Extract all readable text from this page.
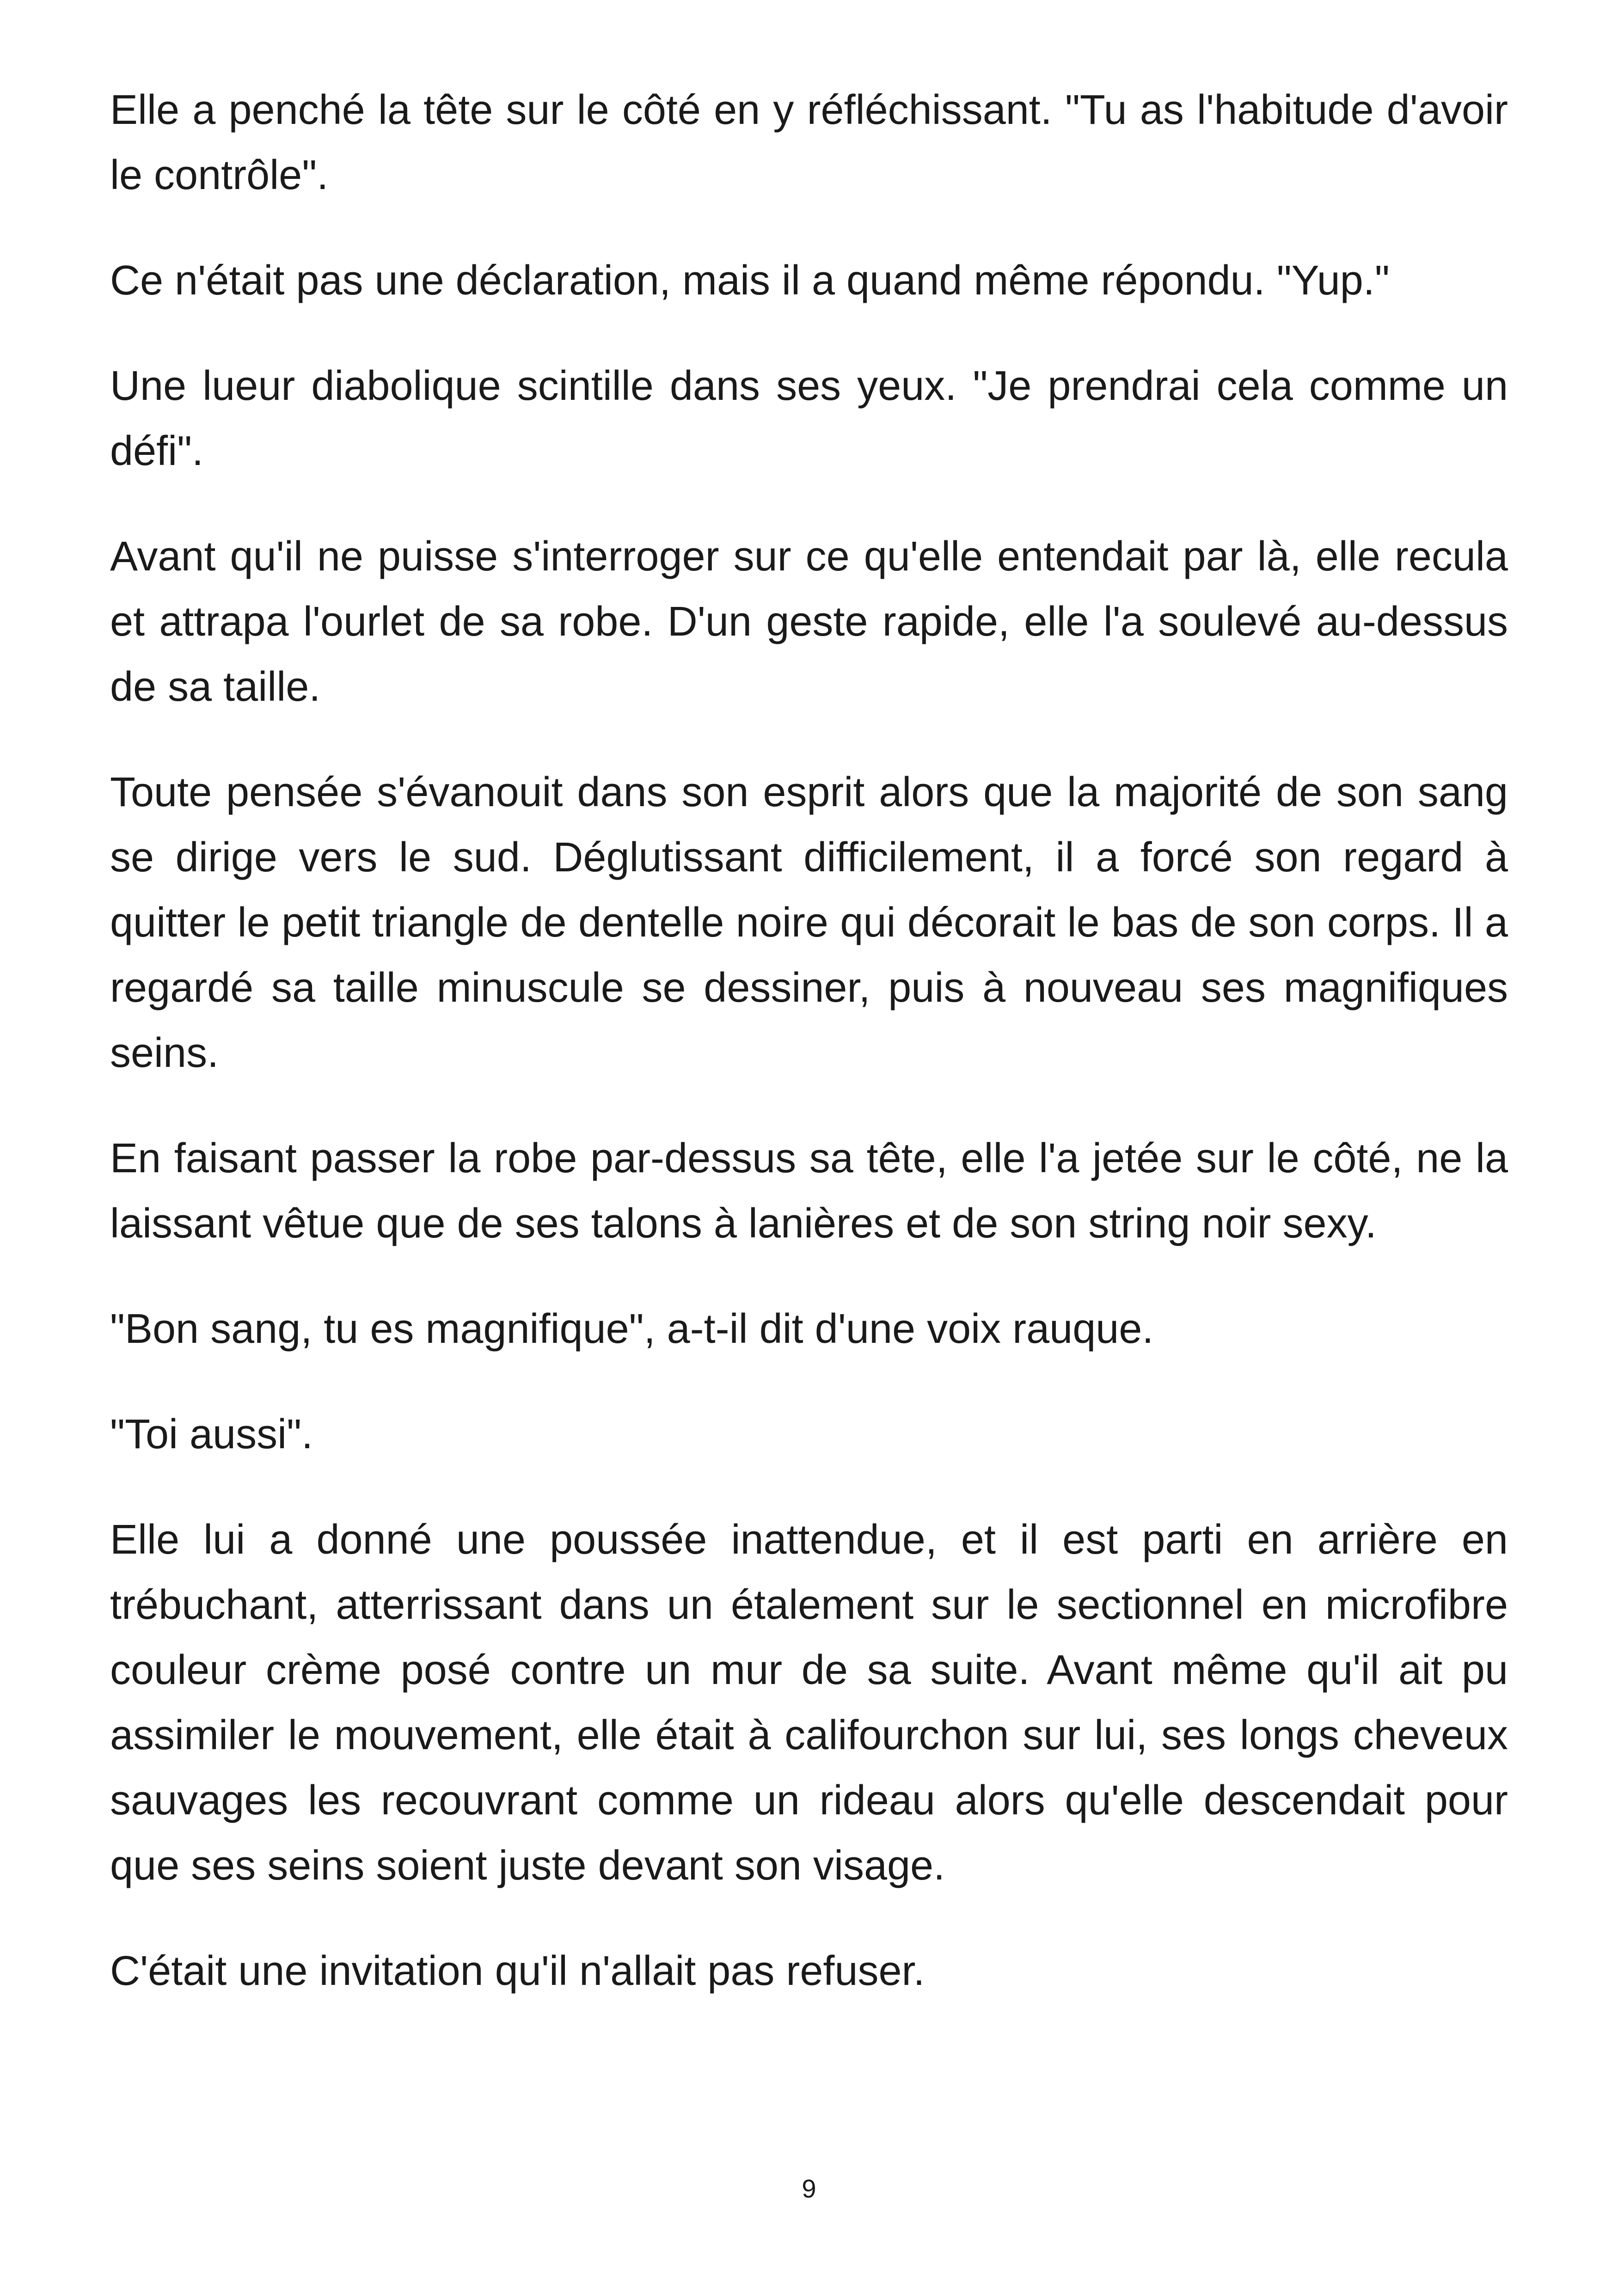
Elle a penché la tête sur le côté en y réfléchissant. "Tu as l'habitude d'avoir le contrôle".

Ce n'était pas une déclaration, mais il a quand même répondu. "Yup."

Une lueur diabolique scintille dans ses yeux. "Je prendrai cela comme un défi".

Avant qu'il ne puisse s'interroger sur ce qu'elle entendait par là, elle recula et attrapa l'ourlet de sa robe. D'un geste rapide, elle l'a soulevé au-dessus de sa taille.

Toute pensée s'évanouit dans son esprit alors que la majorité de son sang se dirige vers le sud. Déglutissant difficilement, il a forcé son regard à quitter le petit triangle de dentelle noire qui décorait le bas de son corps. Il a regardé sa taille minuscule se dessiner, puis à nouveau ses magnifiques seins.

En faisant passer la robe par-dessus sa tête, elle l'a jetée sur le côté, ne la laissant vêtue que de ses talons à lanières et de son string noir sexy.

"Bon sang, tu es magnifique", a-t-il dit d'une voix rauque.

"Toi aussi".

Elle lui a donné une poussée inattendue, et il est parti en arrière en trébuchant, atterrissant dans un étalement sur le sectionnel en microfibre couleur crème posé contre un mur de sa suite. Avant même qu'il ait pu assimiler le mouvement, elle était à califourchon sur lui, ses longs cheveux sauvages les recouvrant comme un rideau alors qu'elle descendait pour que ses seins soient juste devant son visage.

C'était une invitation qu'il n'allait pas refuser.

9
